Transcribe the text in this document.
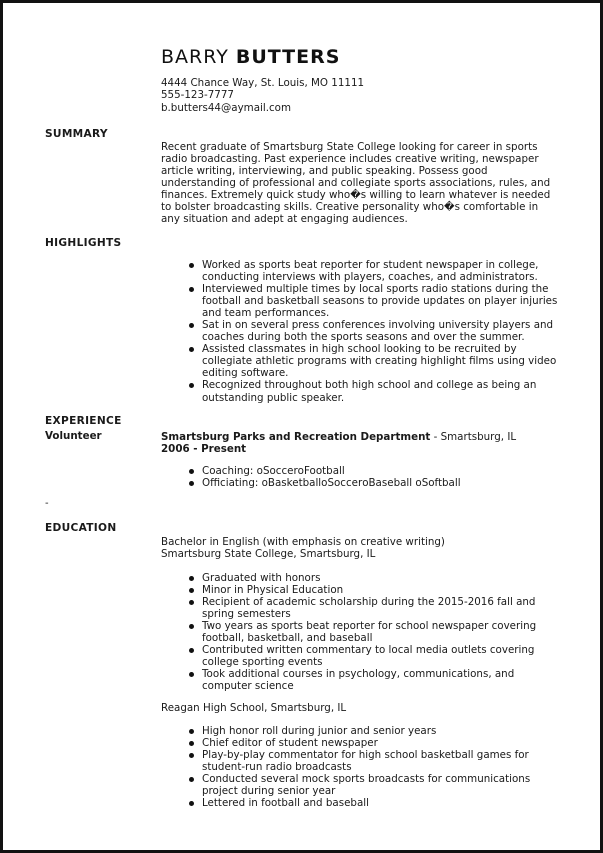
BARRY BUTTERS
4444 Chance Way, St. Louis, MO 11111
555-123-7777
b.butters44@aymail.com
SUMMARY
Recent graduate of Smartsburg State College looking for career in sports radio broadcasting. Past experience includes creative writing, newspaper article writing, interviewing, and public speaking. Possess good understanding of professional and collegiate sports associations, rules, and finances. Extremely quick study who�s willing to learn whatever is needed to bolster broadcasting skills. Creative personality who�s comfortable in any situation and adept at engaging audiences.
HIGHLIGHTS
Worked as sports beat reporter for student newspaper in college, conducting interviews with players, coaches, and administrators.
Interviewed multiple times by local sports radio stations during the football and basketball seasons to provide updates on player injuries and team performances.
Sat in on several press conferences involving university players and coaches during both the sports seasons and over the summer.
Assisted classmates in high school looking to be recruited by collegiate athletic programs with creating highlight films using video editing software.
Recognized throughout both high school and college as being an outstanding public speaker.
EXPERIENCE
Volunteer	Smartsburg Parks and Recreation Department - Smartsburg, IL
2006 - Present
Coaching: oSoccerоFootball
Officiating: oBasketballoSoccerоBaseball oSoftball
-
EDUCATION
Bachelor in English (with emphasis on creative writing)
Smartsburg State College, Smartsburg, IL
Graduated with honors
Minor in Physical Education
Recipient of academic scholarship during the 2015-2016 fall and spring semesters
Two years as sports beat reporter for school newspaper covering football, basketball, and baseball
Contributed written commentary to local media outlets covering college sporting events
Took additional courses in psychology, communications, and computer science
Reagan High School, Smartsburg, IL
High honor roll during junior and senior years
Chief editor of student newspaper
Play-by-play commentator for high school basketball games for student-run radio broadcasts
Conducted several mock sports broadcasts for communications project during senior year
Lettered in football and baseball
